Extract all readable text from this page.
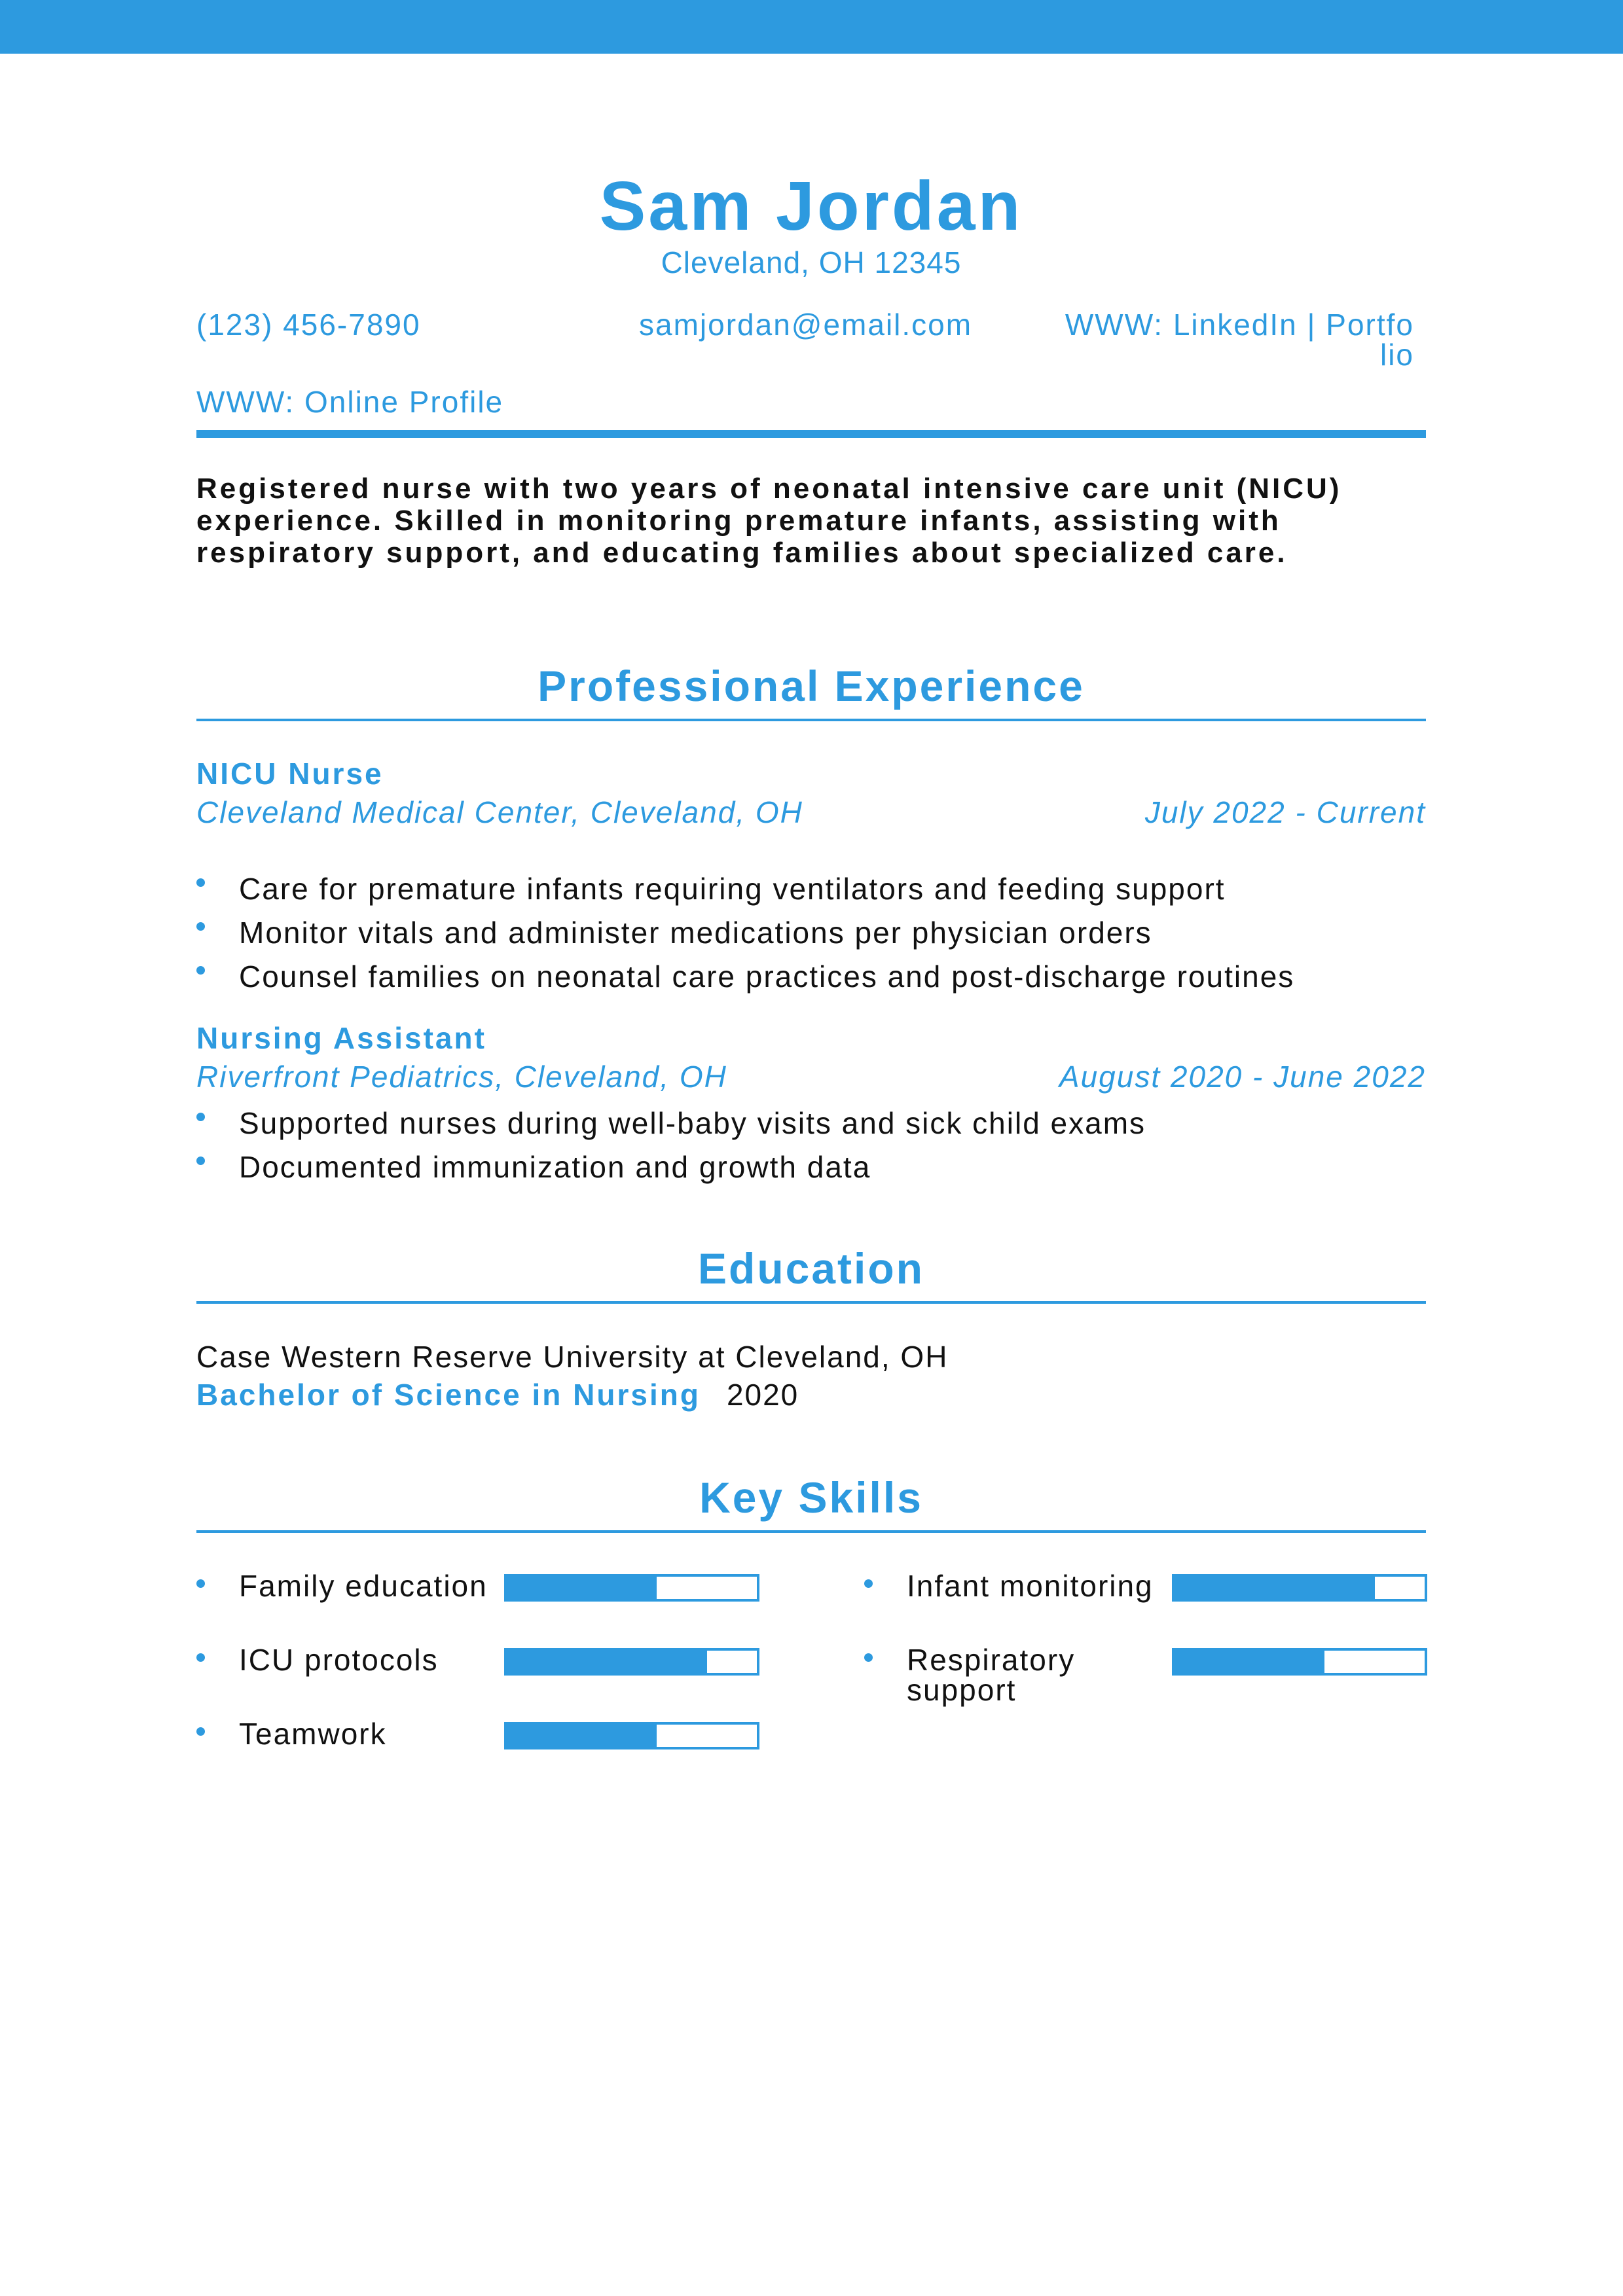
Sam Jordan
Cleveland, OH 12345
(123) 456-7890	samjordan@email.com	WWW: LinkedIn | Portfo
lio
WWW: Online Profile
Registered nurse with two years of neonatal intensive care unit (NICU) experience. Skilled in monitoring premature infants, assisting with respiratory support, and educating families about specialized care.
Professional Experience
NICU Nurse
Cleveland Medical Center, Cleveland, OH	July 2022 - Current
Care for premature infants requiring ventilators and feeding support
Monitor vitals and administer medications per physician orders
Counsel families on neonatal care practices and post-discharge routines
Nursing Assistant
Riverfront Pediatrics, Cleveland, OH	August 2020 - June 2022
Supported nurses during well-baby visits and sick child exams
Documented immunization and growth data
Education
Case Western Reserve University at Cleveland, OH
Bachelor of Science in Nursing 2020
Key Skills
Family education	Infant monitoring
ICU protocols	Respiratory support
Teamwork
